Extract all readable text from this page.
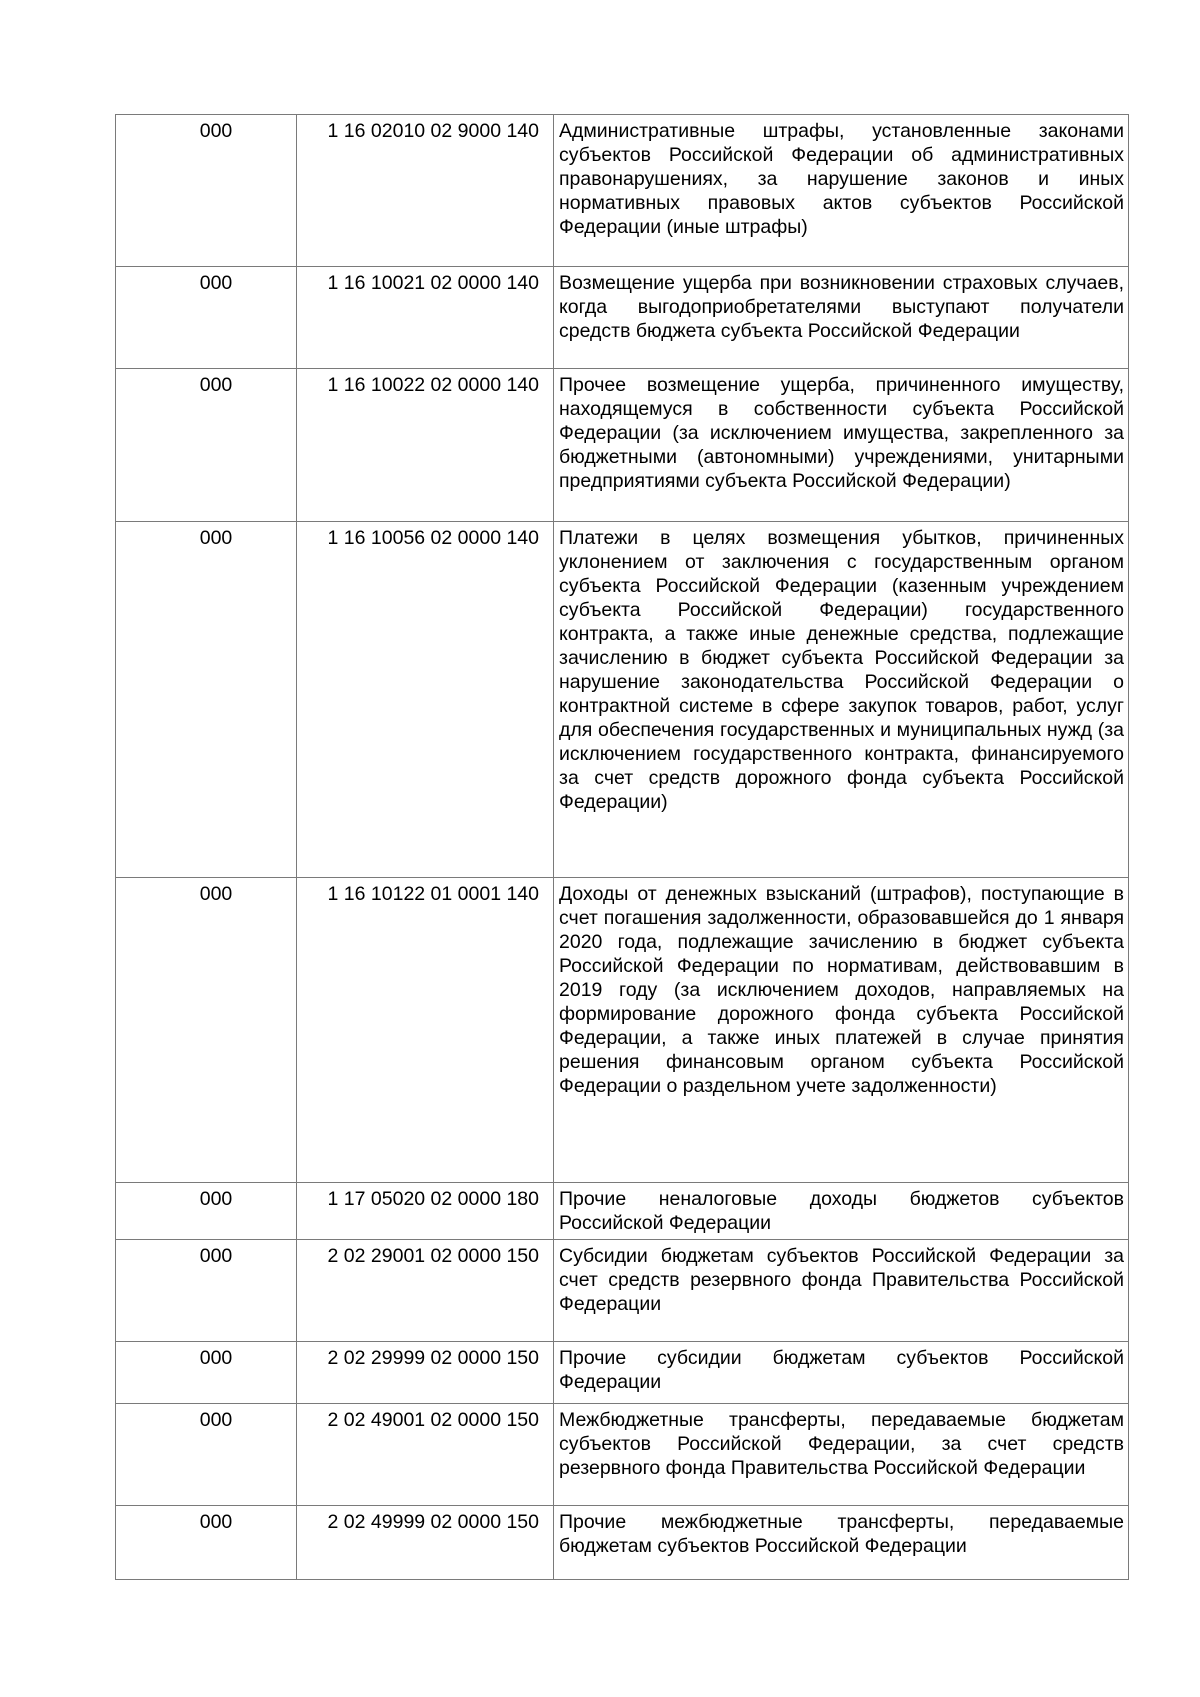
000	1 16 02010 02 9000 140	Административные штрафы, установленные законами субъектов Российской Федерации об административных правонарушениях, за нарушение законов и иных нормативных правовых актов субъектов Российской Федерации (иные штрафы)
000	1 16 10021 02 0000 140	Возмещение ущерба при возникновении страховых случаев, когда выгодоприобретателями выступают получатели средств бюджета субъекта Российской Федерации
000	1 16 10022 02 0000 140	Прочее возмещение ущерба, причиненного имуществу, находящемуся в собственности субъекта Российской Федерации (за исключением имущества, закрепленного за бюджетными (автономными) учреждениями, унитарными предприятиями субъекта Российской Федерации)
000	1 16 10056 02 0000 140	Платежи в целях возмещения убытков, причиненных уклонением от заключения с государственным органом субъекта Российской Федерации (казенным учреждением субъекта Российской Федерации) государственного контракта, а также иные денежные средства, подлежащие зачислению в бюджет субъекта Российской Федерации за нарушение законодательства Российской Федерации о контрактной системе в сфере закупок товаров, работ, услуг для обеспечения государственных и муниципальных нужд (за исключением государственного контракта, финансируемого за счет средств дорожного фонда субъекта Российской Федерации)
000	1 16 10122 01 0001 140	Доходы от денежных взысканий (штрафов), поступающие в счет погашения задолженности, образовавшейся до 1 января 2020 года, подлежащие зачислению в бюджет субъекта Российской Федерации по нормативам, действовавшим в 2019 году (за исключением доходов, направляемых на формирование дорожного фонда субъекта Российской Федерации, а также иных платежей в случае принятия решения финансовым органом субъекта Российской Федерации о раздельном учете задолженности)
000	1 17 05020 02 0000 180	Прочие неналоговые доходы бюджетов субъектов Российской Федерации
000	2 02 29001 02 0000 150	Субсидии бюджетам субъектов Российской Федерации за счет средств резервного фонда Правительства Российской Федерации
000	2 02 29999 02 0000 150	Прочие субсидии бюджетам субъектов Российской Федерации
000	2 02 49001 02 0000 150	Межбюджетные трансферты, передаваемые бюджетам субъектов Российской Федерации, за счет средств резервного фонда Правительства Российской Федерации
000	2 02 49999 02 0000 150	Прочие межбюджетные трансферты, передаваемые бюджетам субъектов Российской Федерации
